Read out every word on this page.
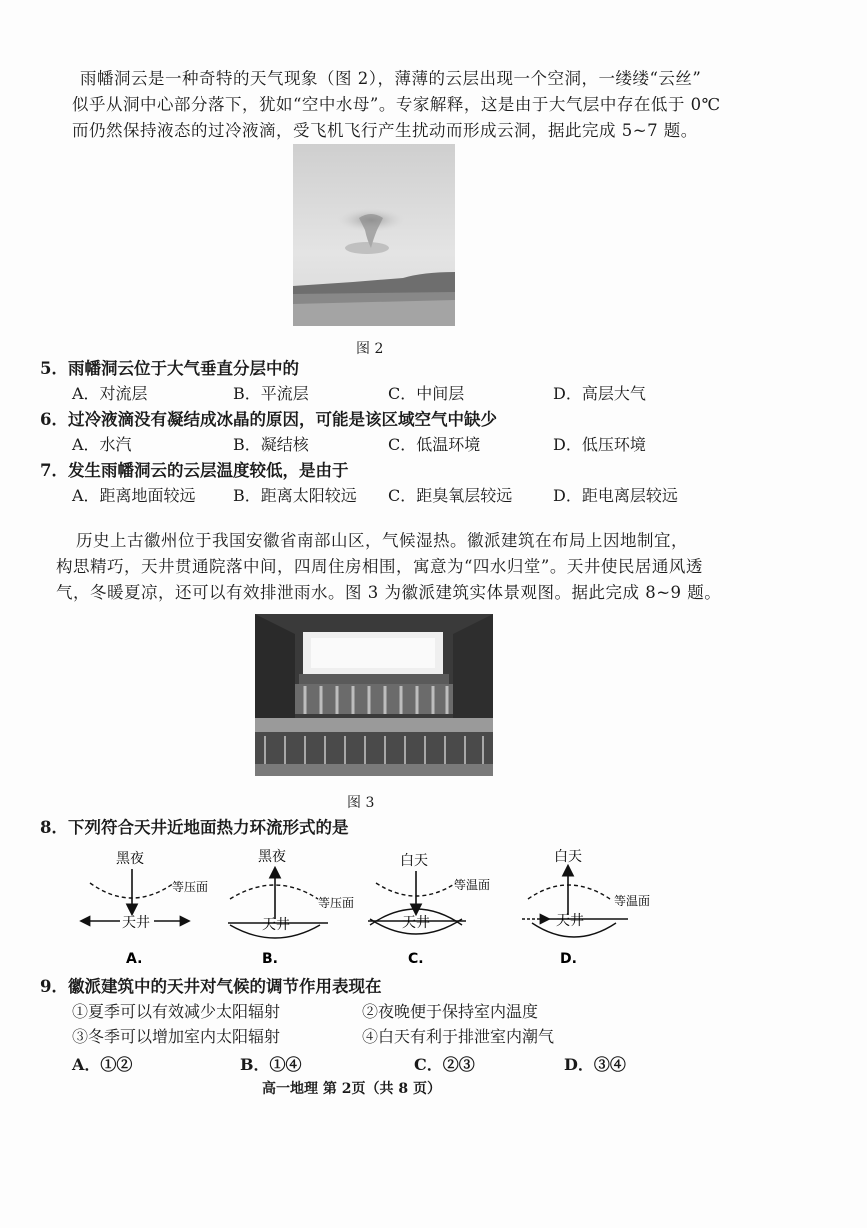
雨幡洞云是一种奇特的天气现象（图 2），薄薄的云层出现一个空洞，一缕缕“云丝”
似乎从洞中心部分落下，犹如“空中水母”。专家解释，这是由于大气层中存在低于 0℃
而仍然保持液态的过冷液滴，受飞机飞行产生扰动而形成云洞，据此完成 5~7 题。
图 2
5．雨幡洞云位于大气垂直分层中的
A．对流层	B．平流层	C．中间层	D．高层大气
6．过冷液滴没有凝结成冰晶的原因，可能是该区域空气中缺少
A．水汽	B．凝结核	C．低温环境	D．低压环境
7．发生雨幡洞云的云层温度较低，是由于
A．距离地面较远 B．距离太阳较远 C．距臭氧层较远	D．距电离层较远
历史上古徽州位于我国安徽省南部山区，气候湿热。徽派建筑在布局上因地制宜，
构思精巧，天井贯通院落中间，四周住房相围，寓意为“四水归堂”。天井使民居通风透
气，冬暖夏凉，还可以有效排泄雨水。图 3 为徽派建筑实体景观图。据此完成 8~9 题。
图 3
8．下列符合天井近地面热力环流形式的是
黑夜
等压面
天井
A.
黑夜
等压面
天井
B.
白天
等温面
天井
C.
白天
等温面
天井
D.
9．徽派建筑中的天井对气候的调节作用表现在
①夏季可以有效减少太阳辐射	②夜晚便于保持室内温度
③冬季可以增加室内太阳辐射	④白天有利于排泄室内潮气
A．①②	B．①④	C．②③	D．③④
高一地理 第 2页（共 8 页）
